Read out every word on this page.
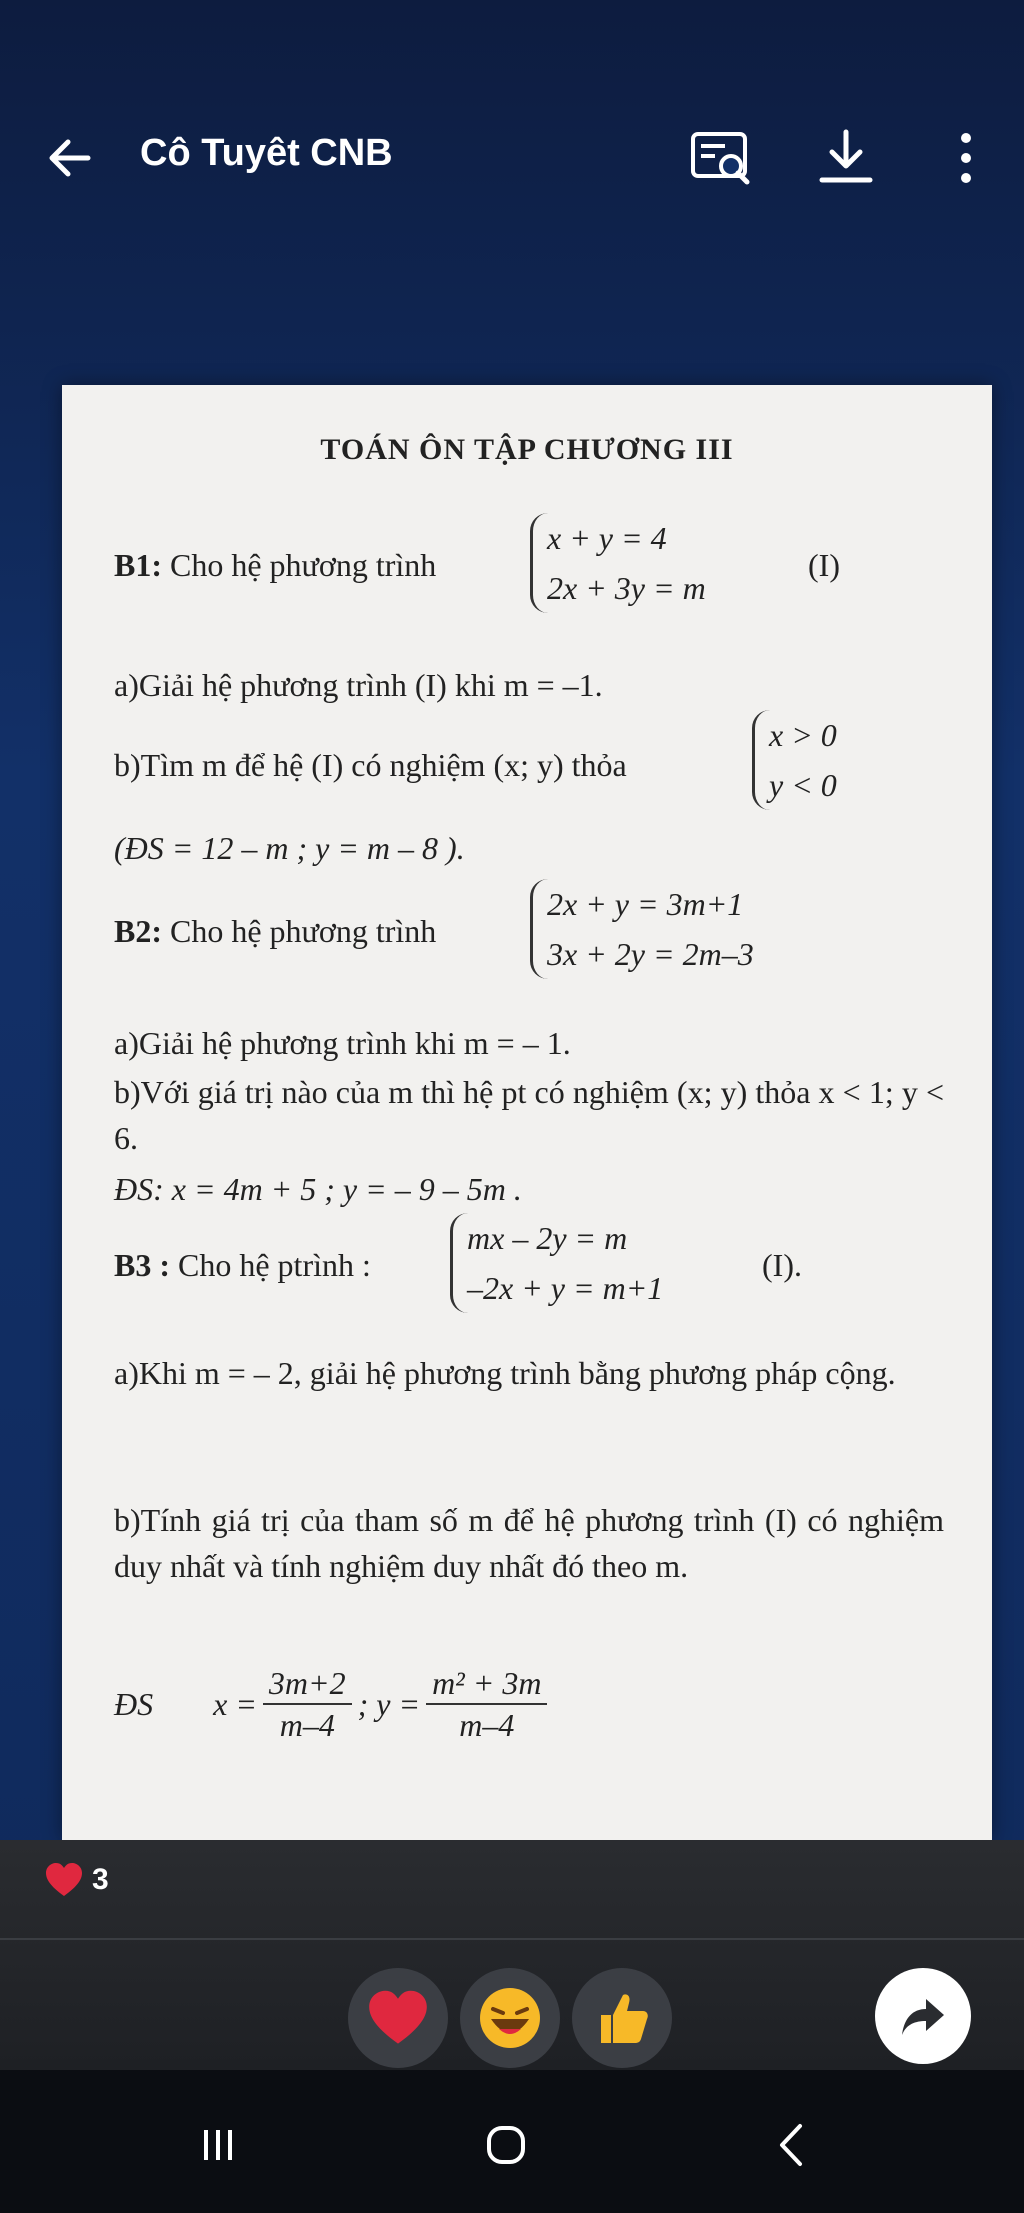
Cô Tuyêt CNB
TOÁN ÔN TẬP CHƯƠNG III
B1: Cho hệ phương trình
x + y = 4
2x + 3y = m
(I)
a)Giải hệ phương trình (I) khi m = –1.
b)Tìm m để hệ (I) có nghiệm (x; y) thỏa
x > 0
y < 0
(ĐS = 12 – m ; y = m – 8 ).
B2: Cho hệ phương trình
2x + y = 3m+1
3x + 2y = 2m–3
a)Giải hệ phương trình khi m = – 1.
b)Với giá trị nào của m thì hệ pt có nghiệm (x; y) thỏa x < 1; y < 6.
ĐS: x = 4m + 5 ; y = – 9 – 5m .
B3 : Cho hệ ptrình :
mx – 2y = m
–2x + y = m+1
(I).
a)Khi m = – 2, giải hệ phương trình bằng phương pháp cộng.
b)Tính giá trị của tham số m để hệ phương trình (I) có nghiệm duy nhất và tính nghiệm duy nhất đó theo m.
ĐS $x = \frac{3m+2}{m-4}$ ; $y = \frac{\text{m² + 3m}}{m-4}$
3
